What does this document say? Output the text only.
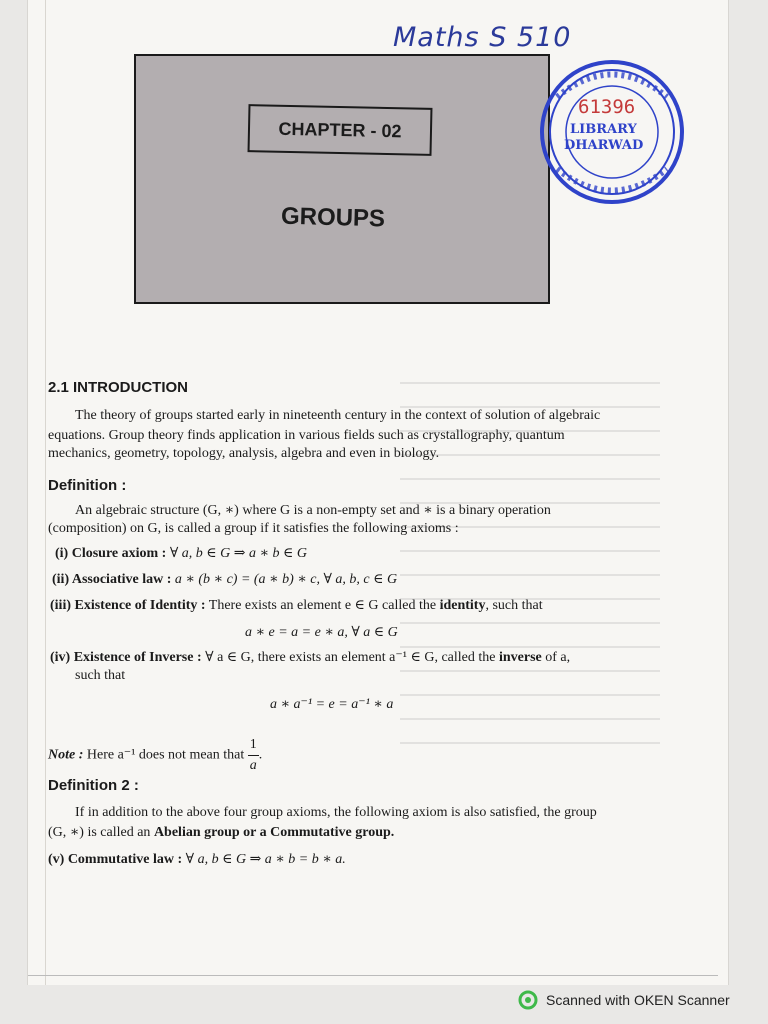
Maths S 510
CHAPTER - 02
GROUPS
61396
LIBRARY
DHARWAD
2.1 INTRODUCTION
The theory of groups started early in nineteenth century in the context of solution of algebraic
equations. Group theory finds application in various fields such as crystallography, quantum
mechanics, geometry, topology, analysis, algebra and even in biology.
Definition :
An algebraic structure (G, ∗) where G is a non-empty set and ∗ is a binary operation
(composition) on G, is called a group if it satisfies the following axioms :
(i) Closure axiom : ∀ a, b ∈ G ⇒ a ∗ b ∈ G
(ii) Associative law : a ∗ (b ∗ c) = (a ∗ b) ∗ c, ∀ a, b, c ∈ G
(iii) Existence of Identity : There exists an element e ∈ G called the identity, such that
a ∗ e = a = e ∗ a, ∀ a ∈ G
(iv) Existence of Inverse : ∀ a ∈ G, there exists an element a⁻¹ ∈ G, called the inverse of a,
such that
a ∗ a⁻¹ = e = a⁻¹ ∗ a
Note : Here a⁻¹ does not mean that $\frac{1}{a}$ .
Definition 2 :
If in addition to the above four group axioms, the following axiom is also satisfied, the group
(G, ∗) is called an Abelian group or a Commutative group.
(v) Commutative law : ∀ a, b ∈ G ⇒ a ∗ b = b ∗ a.
Scanned with OKEN Scanner
